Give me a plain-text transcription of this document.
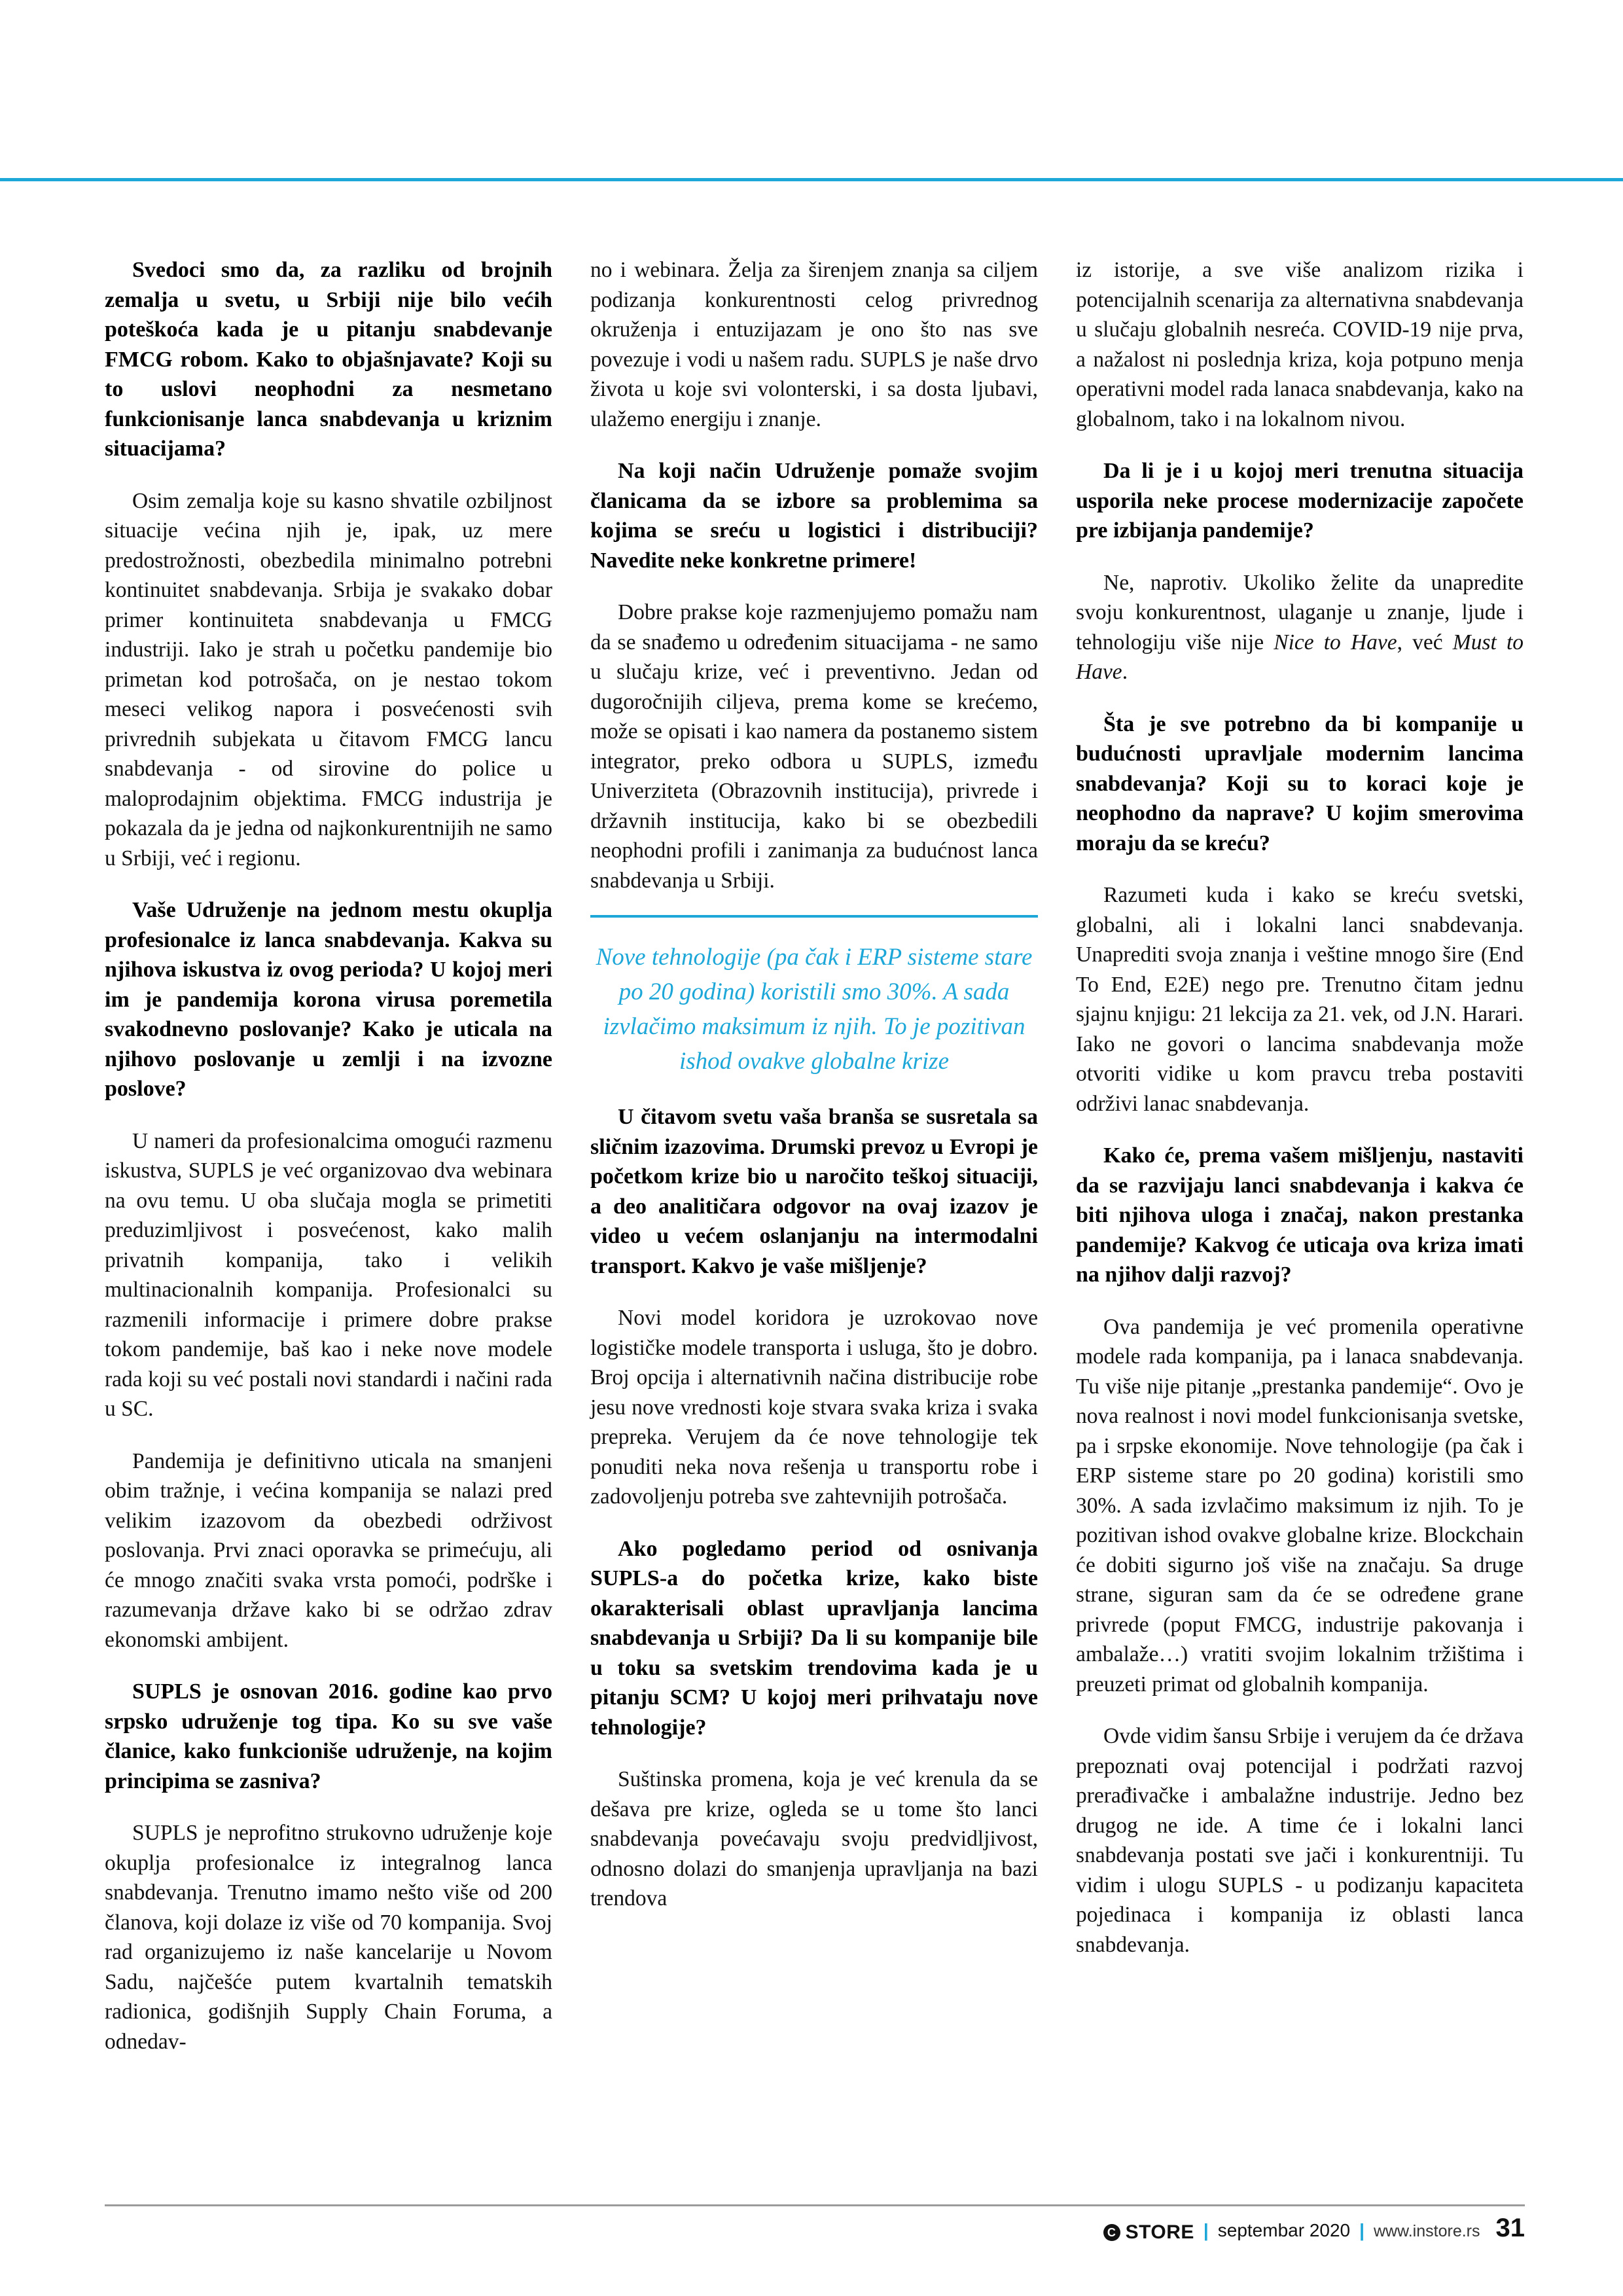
Svedoci smo da, za razliku od brojnih zemalja u svetu, u Srbiji nije bilo većih poteškoća kada je u pitanju snabdevanje FMCG robom. Kako to objašnjavate? Koji su to uslovi neophodni za nesmetano funkcionisanje lanca snabdevanja u kriznim situacijama?

Osim zemalja koje su kasno shvatile ozbiljnost situacije većina njih je, ipak, uz mere predostrožnosti, obezbedila minimalno potrebni kontinuitet snabdevanja. Srbija je svakako dobar primer kontinuiteta snabdevanja u FMCG industriji. Iako je strah u početku pandemije bio primetan kod potrošača, on je nestao tokom meseci velikog napora i posvećenosti svih privrednih subjekata u čitavom FMCG lancu snabdevanja - od sirovine do police u maloprodajnim objektima. FMCG industrija je pokazala da je jedna od najkonkurentnijih ne samo u Srbiji, već i regionu.

Vaše Udruženje na jednom mestu okuplja profesionalce iz lanca snabdevanja. Kakva su njihova iskustva iz ovog perioda? U kojoj meri im je pandemija korona virusa poremetila svakodnevno poslovanje? Kako je uticala na njihovo poslovanje u zemlji i na izvozne poslove?

U nameri da profesionalcima omogući razmenu iskustva, SUPLS je već organizovao dva webinara na ovu temu. U oba slučaja mogla se primetiti preduzimljivost i posvećenost, kako malih privatnih kompanija, tako i velikih multinacionalnih kompanija. Profesionalci su razmenili informacije i primere dobre prakse tokom pandemije, baš kao i neke nove modele rada koji su već postali novi standardi i načini rada u SC.

Pandemija je definitivno uticala na smanjeni obim tražnje, i većina kompanija se nalazi pred velikim izazovom da obezbedi održivost poslovanja. Prvi znaci oporavka se primećuju, ali će mnogo značiti svaka vrsta pomoći, podrške i razumevanja države kako bi se održao zdrav ekonomski ambijent.

SUPLS je osnovan 2016. godine kao prvo srpsko udruženje tog tipa. Ko su sve vaše članice, kako funkcioniše udruženje, na kojim principima se zasniva?

SUPLS je neprofitno strukovno udruženje koje okuplja profesionalce iz integralnog lanca snabdevanja. Trenutno imamo nešto više od 200 članova, koji dolaze iz više od 70 kompanija. Svoj rad organizujemo iz naše kancelarije u Novom Sadu, najčešće putem kvartalnih tematskih radionica, godišnjih Supply Chain Foruma, a odnedav-

no i webinara. Želja za širenjem znanja sa ciljem podizanja konkurentnosti celog privrednog okruženja i entuzijazam je ono što nas sve povezuje i vodi u našem radu. SUPLS je naše drvo života u koje svi volonterski, i sa dosta ljubavi, ulažemo energiju i znanje.

Na koji način Udruženje pomaže svojim članicama da se izbore sa problemima sa kojima se sreću u logistici i distribuciji? Navedite neke konkretne primere!

Dobre prakse koje razmenjujemo pomažu nam da se snađemo u određenim situacijama - ne samo u slučaju krize, već i preventivno. Jedan od dugoročnijih ciljeva, prema kome se krećemo, može se opisati i kao namera da postanemo sistem integrator, preko odbora u SUPLS, između Univerziteta (Obrazovnih institucija), privrede i državnih institucija, kako bi se obezbedili neophodni profili i zanimanja za budućnost lanca snabdevanja u Srbiji.

Nove tehnologije (pa čak i ERP sisteme stare po 20 godina) koristili smo 30%. A sada izvlačimo maksimum iz njih. To je pozitivan ishod ovakve globalne krize

U čitavom svetu vaša branša se susretala sa sličnim izazovima. Drumski prevoz u Evropi je početkom krize bio u naročito teškoj situaciji, a deo analitičara odgovor na ovaj izazov je video u većem oslanjanju na intermodalni transport. Kakvo je vaše mišljenje?

Novi model koridora je uzrokovao nove logističke modele transporta i usluga, što je dobro. Broj opcija i alternativnih načina distribucije robe jesu nove vrednosti koje stvara svaka kriza i svaka prepreka. Verujem da će nove tehnologije tek ponuditi neka nova rešenja u transportu robe i zadovoljenju potreba sve zahtevnijih potrošača.

Ako pogledamo period od osnivanja SUPLS-a do početka krize, kako biste okarakterisali oblast upravljanja lancima snabdevanja u Srbiji? Da li su kompanije bile u toku sa svetskim trendovima kada je u pitanju SCM? U kojoj meri prihvataju nove tehnologije?

Suštinska promena, koja je već krenula da se dešava pre krize, ogleda se u tome što lanci snabdevanja povećavaju svoju predvidljivost, odnosno dolazi do smanjenja upravljanja na bazi trendova

iz istorije, a sve više analizom rizika i potencijalnih scenarija za alternativna snabdevanja u slučaju globalnih nesreća. COVID-19 nije prva, a nažalost ni poslednja kriza, koja potpuno menja operativni model rada lanaca snabdevanja, kako na globalnom, tako i na lokalnom nivou.

Da li je i u kojoj meri trenutna situacija usporila neke procese modernizacije započete pre izbijanja pandemije?

Ne, naprotiv. Ukoliko želite da unapredite svoju konkurentnost, ulaganje u znanje, ljude i tehnologiju više nije Nice to Have, već Must to Have.

Šta je sve potrebno da bi kompanije u budućnosti upravljale modernim lancima snabdevanja? Koji su to koraci koje je neophodno da naprave? U kojim smerovima moraju da se kreću?

Razumeti kuda i kako se kreću svetski, globalni, ali i lokalni lanci snabdevanja. Unaprediti svoja znanja i veštine mnogo šire (End To End, E2E) nego pre. Trenutno čitam jednu sjajnu knjigu: 21 lekcija za 21. vek, od J.N. Harari. Iako ne govori o lancima snabdevanja može otvoriti vidike u kom pravcu treba postaviti održivi lanac snabdevanja.

Kako će, prema vašem mišljenju, nastaviti da se razvijaju lanci snabdevanja i kakva će biti njihova uloga i značaj, nakon prestanka pandemije? Kakvog će uticaja ova kriza imati na njihov dalji razvoj?

Ova pandemija je već promenila operativne modele rada kompanija, pa i lanaca snabdevanja. Tu više nije pitanje „prestanka pandemije“. Ovo je nova realnost i novi model funkcionisanja svetske, pa i srpske ekonomije. Nove tehnologije (pa čak i ERP sisteme stare po 20 godina) koristili smo 30%. A sada izvlačimo maksimum iz njih. To je pozitivan ishod ovakve globalne krize. Blockchain će dobiti sigurno još više na značaju. Sa druge strane, siguran sam da će se određene grane privrede (poput FMCG, industrije pakovanja i ambalaže…) vratiti svojim lokalnim tržištima i preuzeti primat od globalnih kompanija.

Ovde vidim šansu Srbije i verujem da će država prepoznati ovaj potencijal i podržati razvoj prerađivačke i ambalažne industrije. Jedno bez drugog ne ide. A time će i lokalni lanci snabdevanja postati sve jači i konkurentniji. Tu vidim i ulogu SUPLS - u podizanju kapaciteta pojedinaca i kompanija iz oblasti lanca snabdevanja.

C STORE | septembar 2020 | www.instore.rs 31
